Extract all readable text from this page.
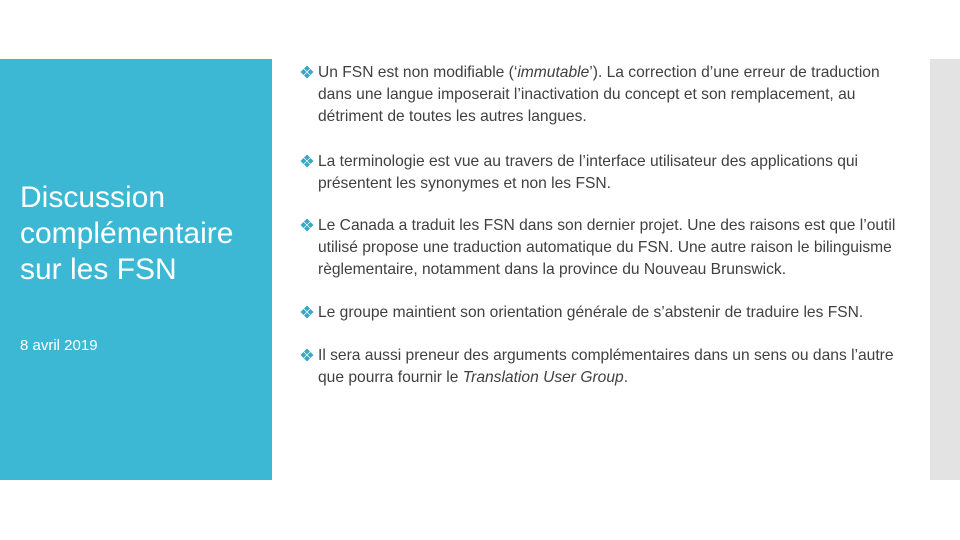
Discussion complémentaire sur les FSN
8 avril 2019
Un FSN est non modifiable (‘immutable’). La correction d’une erreur de traduction dans une langue imposerait l’inactivation du concept et son remplacement, au détriment de toutes les autres langues.
La terminologie est vue au travers de l’interface utilisateur des applications qui présentent les synonymes et non les FSN.
Le Canada a traduit les FSN dans son dernier projet. Une des raisons est que l’outil utilisé propose une traduction automatique du FSN. Une autre raison le bilinguisme règlementaire, notamment dans la province du Nouveau Brunswick.
Le groupe maintient son orientation générale de s’abstenir de traduire les FSN.
Il sera aussi preneur des arguments complémentaires dans un sens ou dans l’autre que pourra fournir le Translation User Group.
